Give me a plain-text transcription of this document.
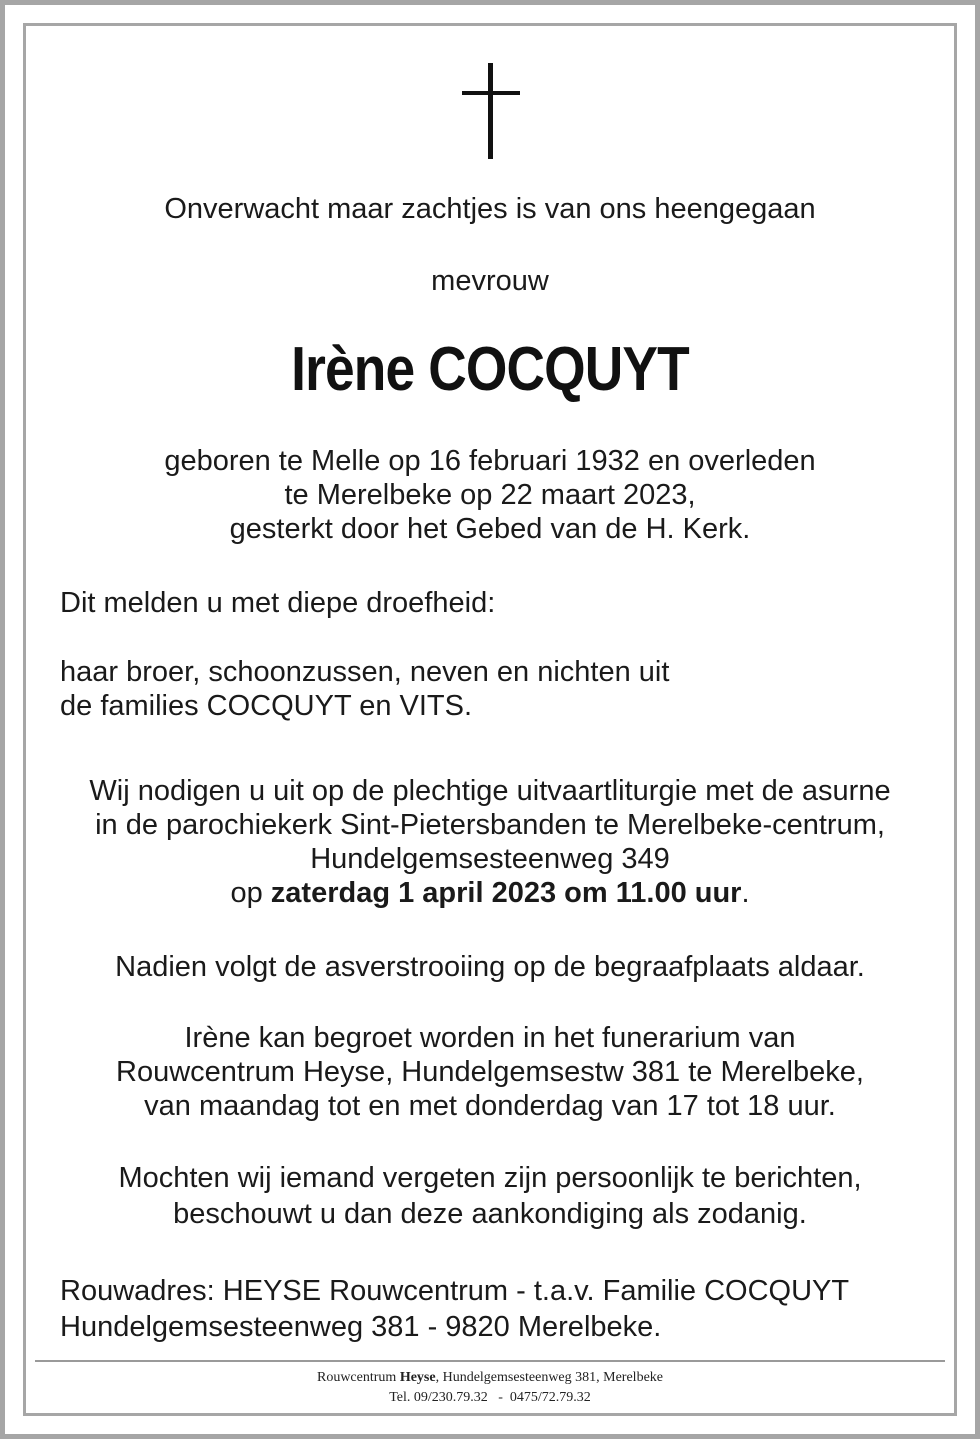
Onverwacht maar zachtjes is van ons heengegaan
mevrouw
Irène COCQUYT
geboren te Melle op 16 februari 1932 en overleden
te Merelbeke op 22 maart 2023,
gesterkt door het Gebed van de H. Kerk.
Dit melden u met diepe droefheid:
haar broer, schoonzussen, neven en nichten uit
de families COCQUYT en VITS.
Wij nodigen u uit op de plechtige uitvaartliturgie met de asurne
in de parochiekerk Sint-Pietersbanden te Merelbeke-centrum,
Hundelgemsesteenweg 349
op zaterdag 1 april 2023 om 11.00 uur.
Nadien volgt de asverstrooiing op de begraafplaats aldaar.
Irène kan begroet worden in het funerarium van
Rouwcentrum Heyse, Hundelgemsestw 381 te Merelbeke,
van maandag tot en met donderdag van 17 tot 18 uur.
Mochten wij iemand vergeten zijn persoonlijk te berichten,
beschouwt u dan deze aankondiging als zodanig.
Rouwadres: HEYSE Rouwcentrum - t.a.v. Familie COCQUYT
Hundelgemsesteenweg 381 - 9820 Merelbeke.
Rouwcentrum Heyse, Hundelgemsesteenweg 381, Merelbeke
Tel. 09/230.79.32   -  0475/72.79.32
